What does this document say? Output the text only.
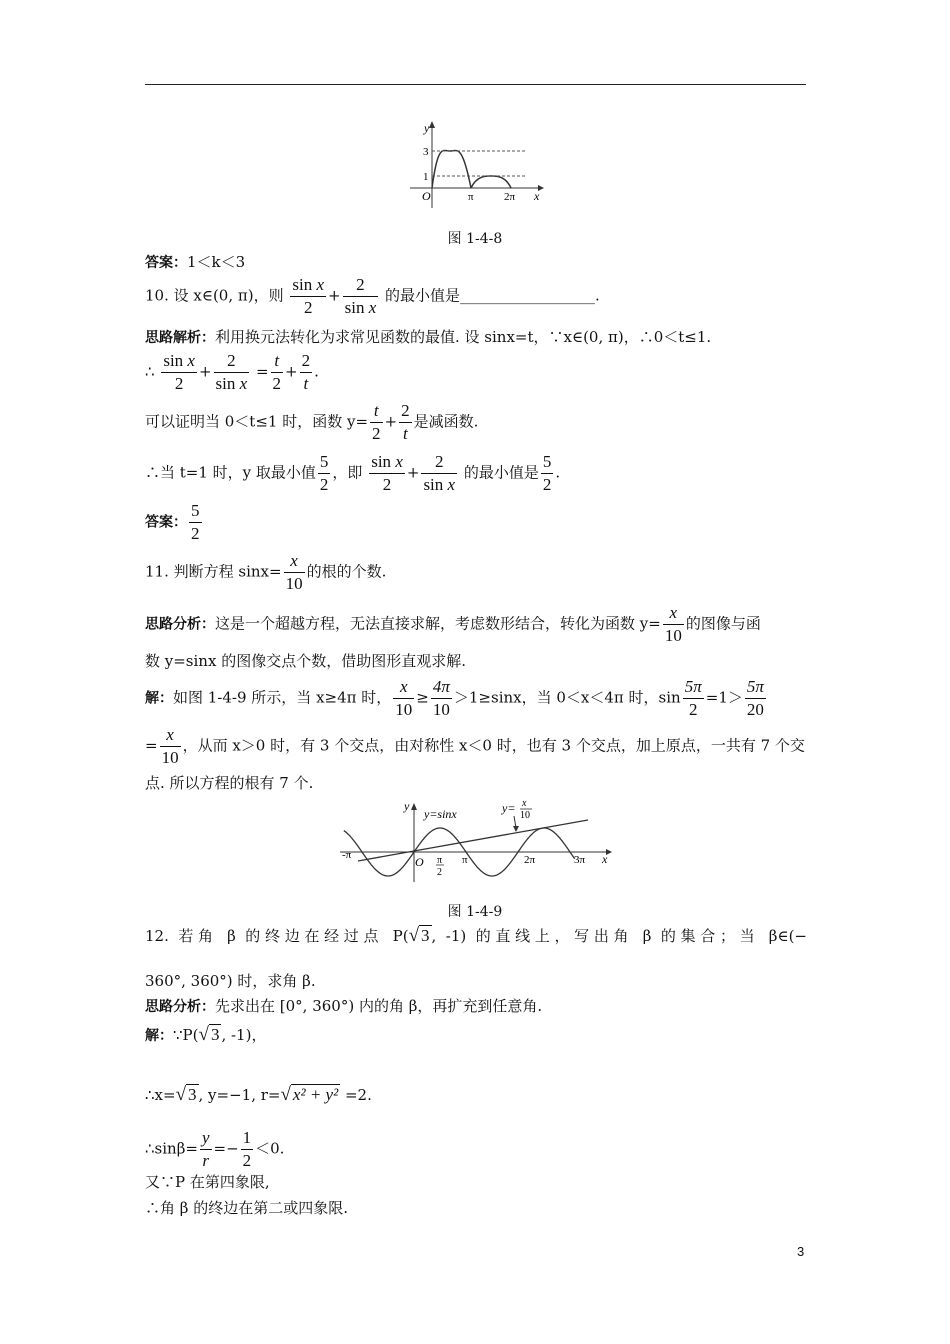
y
x
O
3
1
π	2π
图 1-4-8
答案：1＜k＜3
10. 设 x∈(0, π)，则 $\frac{\text{sin x}}{2} + \frac{2}{\text{sin x}}$ 的最小值是__________________.
思路解析：利用换元法转化为求常见函数的最值. 设 sinx=t，∵x∈(0, π)，∴0＜t≤1.
∴ $\frac{\text{sin x}}{2} + \frac{2}{\text{sin x}} = \frac{t}{2} + \frac{2}{t}$ .
可以证明当 0＜t≤1 时，函数 $y= \frac{t}{2} + \frac{2}{t}$ 是减函数.
∴当 t=1 时，y 取最小值 $\frac{5}{2}$ ，即 $\frac{\text{sin x}}{2} + \frac{2}{\text{sin x}}$ 的最小值是 $\frac{5}{2}$ .
答案： $\frac{5}{2}$
11. 判断方程 $\sin x= \frac{x}{10}$ 的根的个数.
思路分析：这是一个超越方程，无法直接求解，考虑数形结合，转化为函数 $y= \frac{x}{10}$ 的图像与函
数 y=sinx 的图像交点个数，借助图形直观求解.
解：如图 1-4-9 所示，当 x≥4π 时， $\frac{x}{10} \ge \frac{4\pi}{10} >1\ge\sin x$，当 0＜x＜4π 时，$\sin \frac{5\pi}{2} =1> \frac{5\pi}{20}$
= $\frac{x}{10}$ ，从而 x＞0 时，有 3 个交点，由对称性 x＜0 时，也有 3 个交点，加上原点，一共有 7 个交
点. 所以方程的根有 7 个.
y
y=sinx	y= x
10
O
-π	π
2
π	2π	3π x
图 1-4-9
12. 若角 β 的终边在经过点 P(√ 3 , -1) 的直线上，写出角 β 的集合；当 β∈(−
360°, 360°) 时，求角 β.
思路分析：先求出在 [0°, 360°) 内的角 β，再扩充到任意角.
解：∵P(√ 3 , -1)，
∴x=√ 3 , y=−1, r=√ x² + y² =2.
∴sinβ= $\frac{y}{r} =- \frac{1}{2} <0$.
又∵P 在第四象限,
∴角 β 的终边在第二或四象限.
3
